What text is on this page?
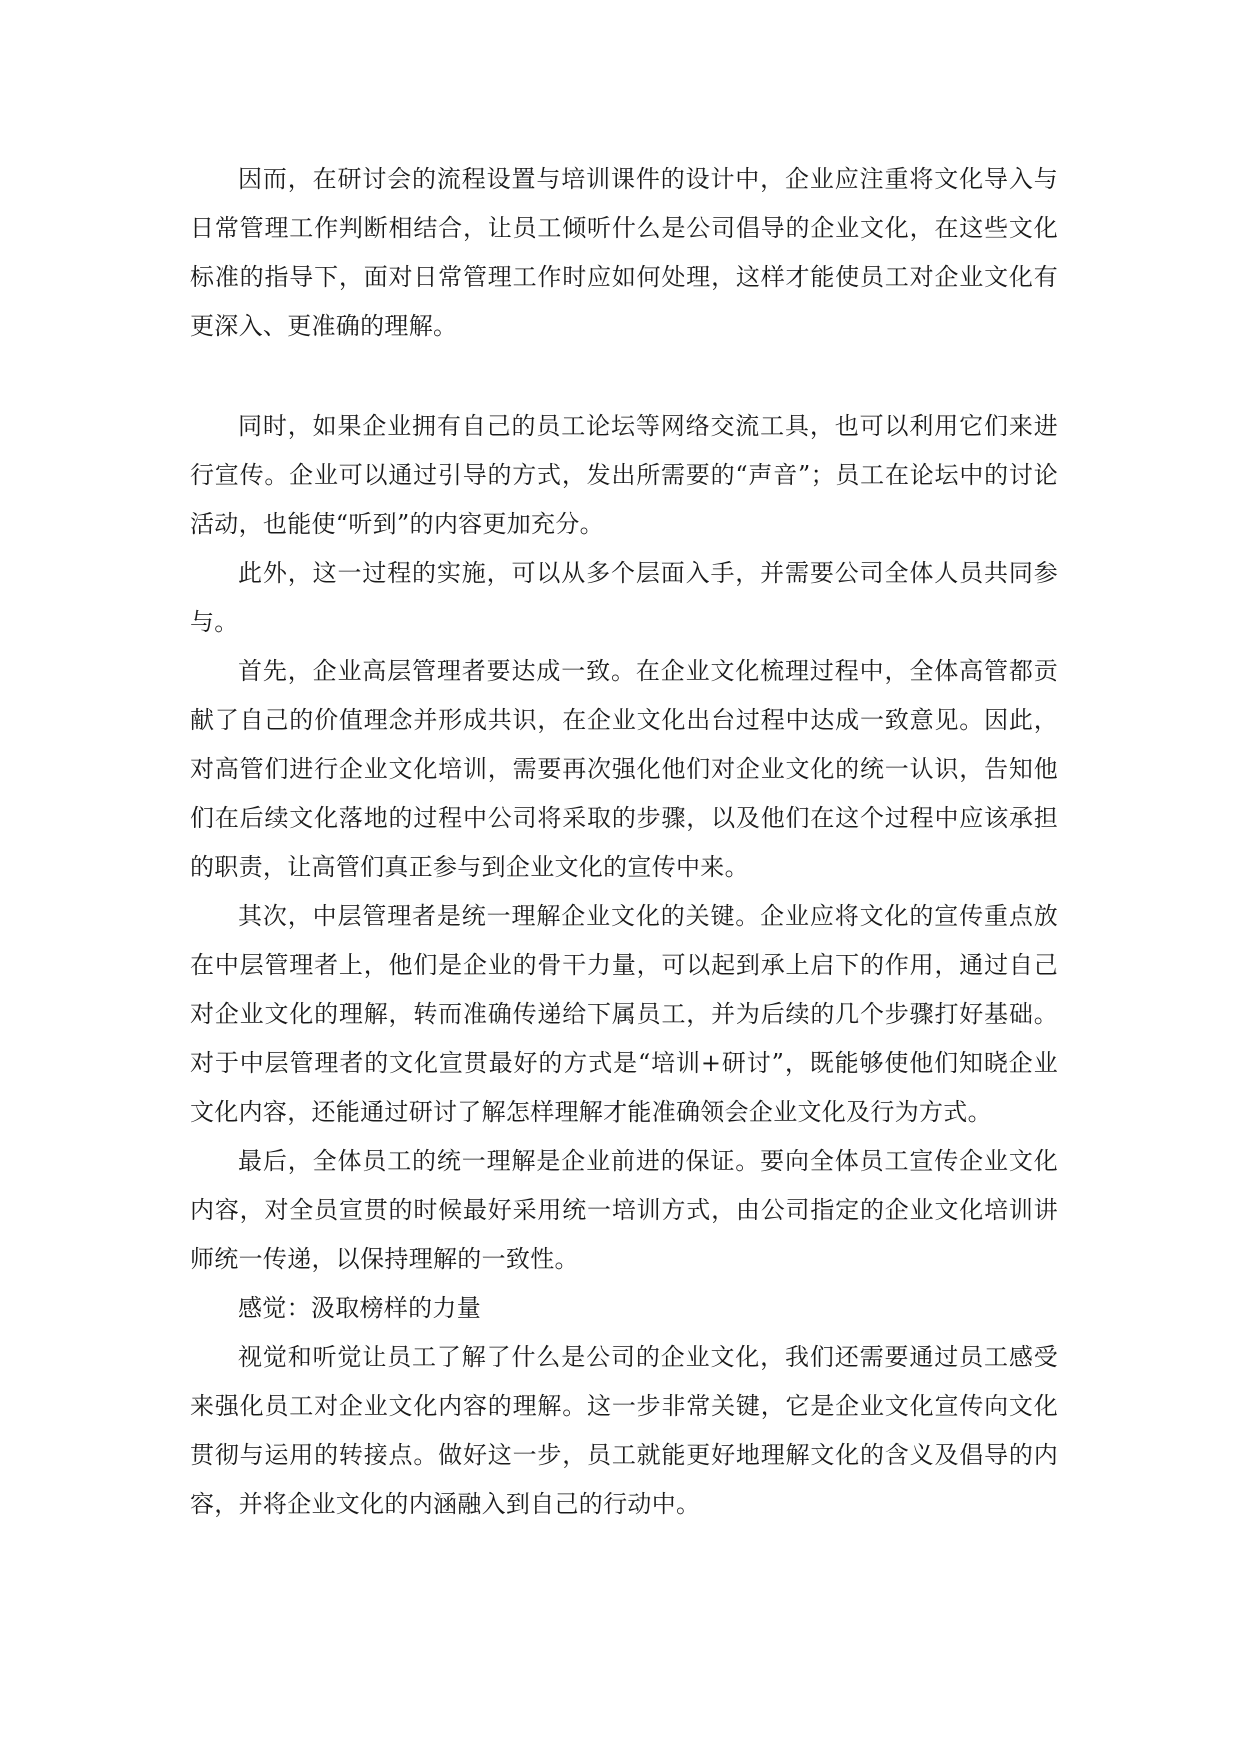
因而，在研讨会的流程设置与培训课件的设计中，企业应注重将文化导入与日常管理工作判断相结合，让员工倾听什么是公司倡导的企业文化，在这些文化标准的指导下，面对日常管理工作时应如何处理，这样才能使员工对企业文化有更深入、更准确的理解。

同时，如果企业拥有自己的员工论坛等网络交流工具，也可以利用它们来进行宣传。企业可以通过引导的方式，发出所需要的“声音”；员工在论坛中的讨论活动，也能使“听到”的内容更加充分。

此外，这一过程的实施，可以从多个层面入手，并需要公司全体人员共同参与。

首先，企业高层管理者要达成一致。在企业文化梳理过程中，全体高管都贡献了自己的价值理念并形成共识，在企业文化出台过程中达成一致意见。因此，对高管们进行企业文化培训，需要再次强化他们对企业文化的统一认识，告知他们在后续文化落地的过程中公司将采取的步骤，以及他们在这个过程中应该承担的职责，让高管们真正参与到企业文化的宣传中来。

其次，中层管理者是统一理解企业文化的关键。企业应将文化的宣传重点放在中层管理者上，他们是企业的骨干力量，可以起到承上启下的作用，通过自己对企业文化的理解，转而准确传递给下属员工，并为后续的几个步骤打好基础。对于中层管理者的文化宣贯最好的方式是“培训+研讨”，既能够使他们知晓企业文化内容，还能通过研讨了解怎样理解才能准确领会企业文化及行为方式。

最后，全体员工的统一理解是企业前进的保证。要向全体员工宣传企业文化内容，对全员宣贯的时候最好采用统一培训方式，由公司指定的企业文化培训讲师统一传递，以保持理解的一致性。

感觉：汲取榜样的力量

视觉和听觉让员工了解了什么是公司的企业文化，我们还需要通过员工感受来强化员工对企业文化内容的理解。这一步非常关键，它是企业文化宣传向文化贯彻与运用的转接点。做好这一步，员工就能更好地理解文化的含义及倡导的内容，并将企业文化的内涵融入到自己的行动中。
